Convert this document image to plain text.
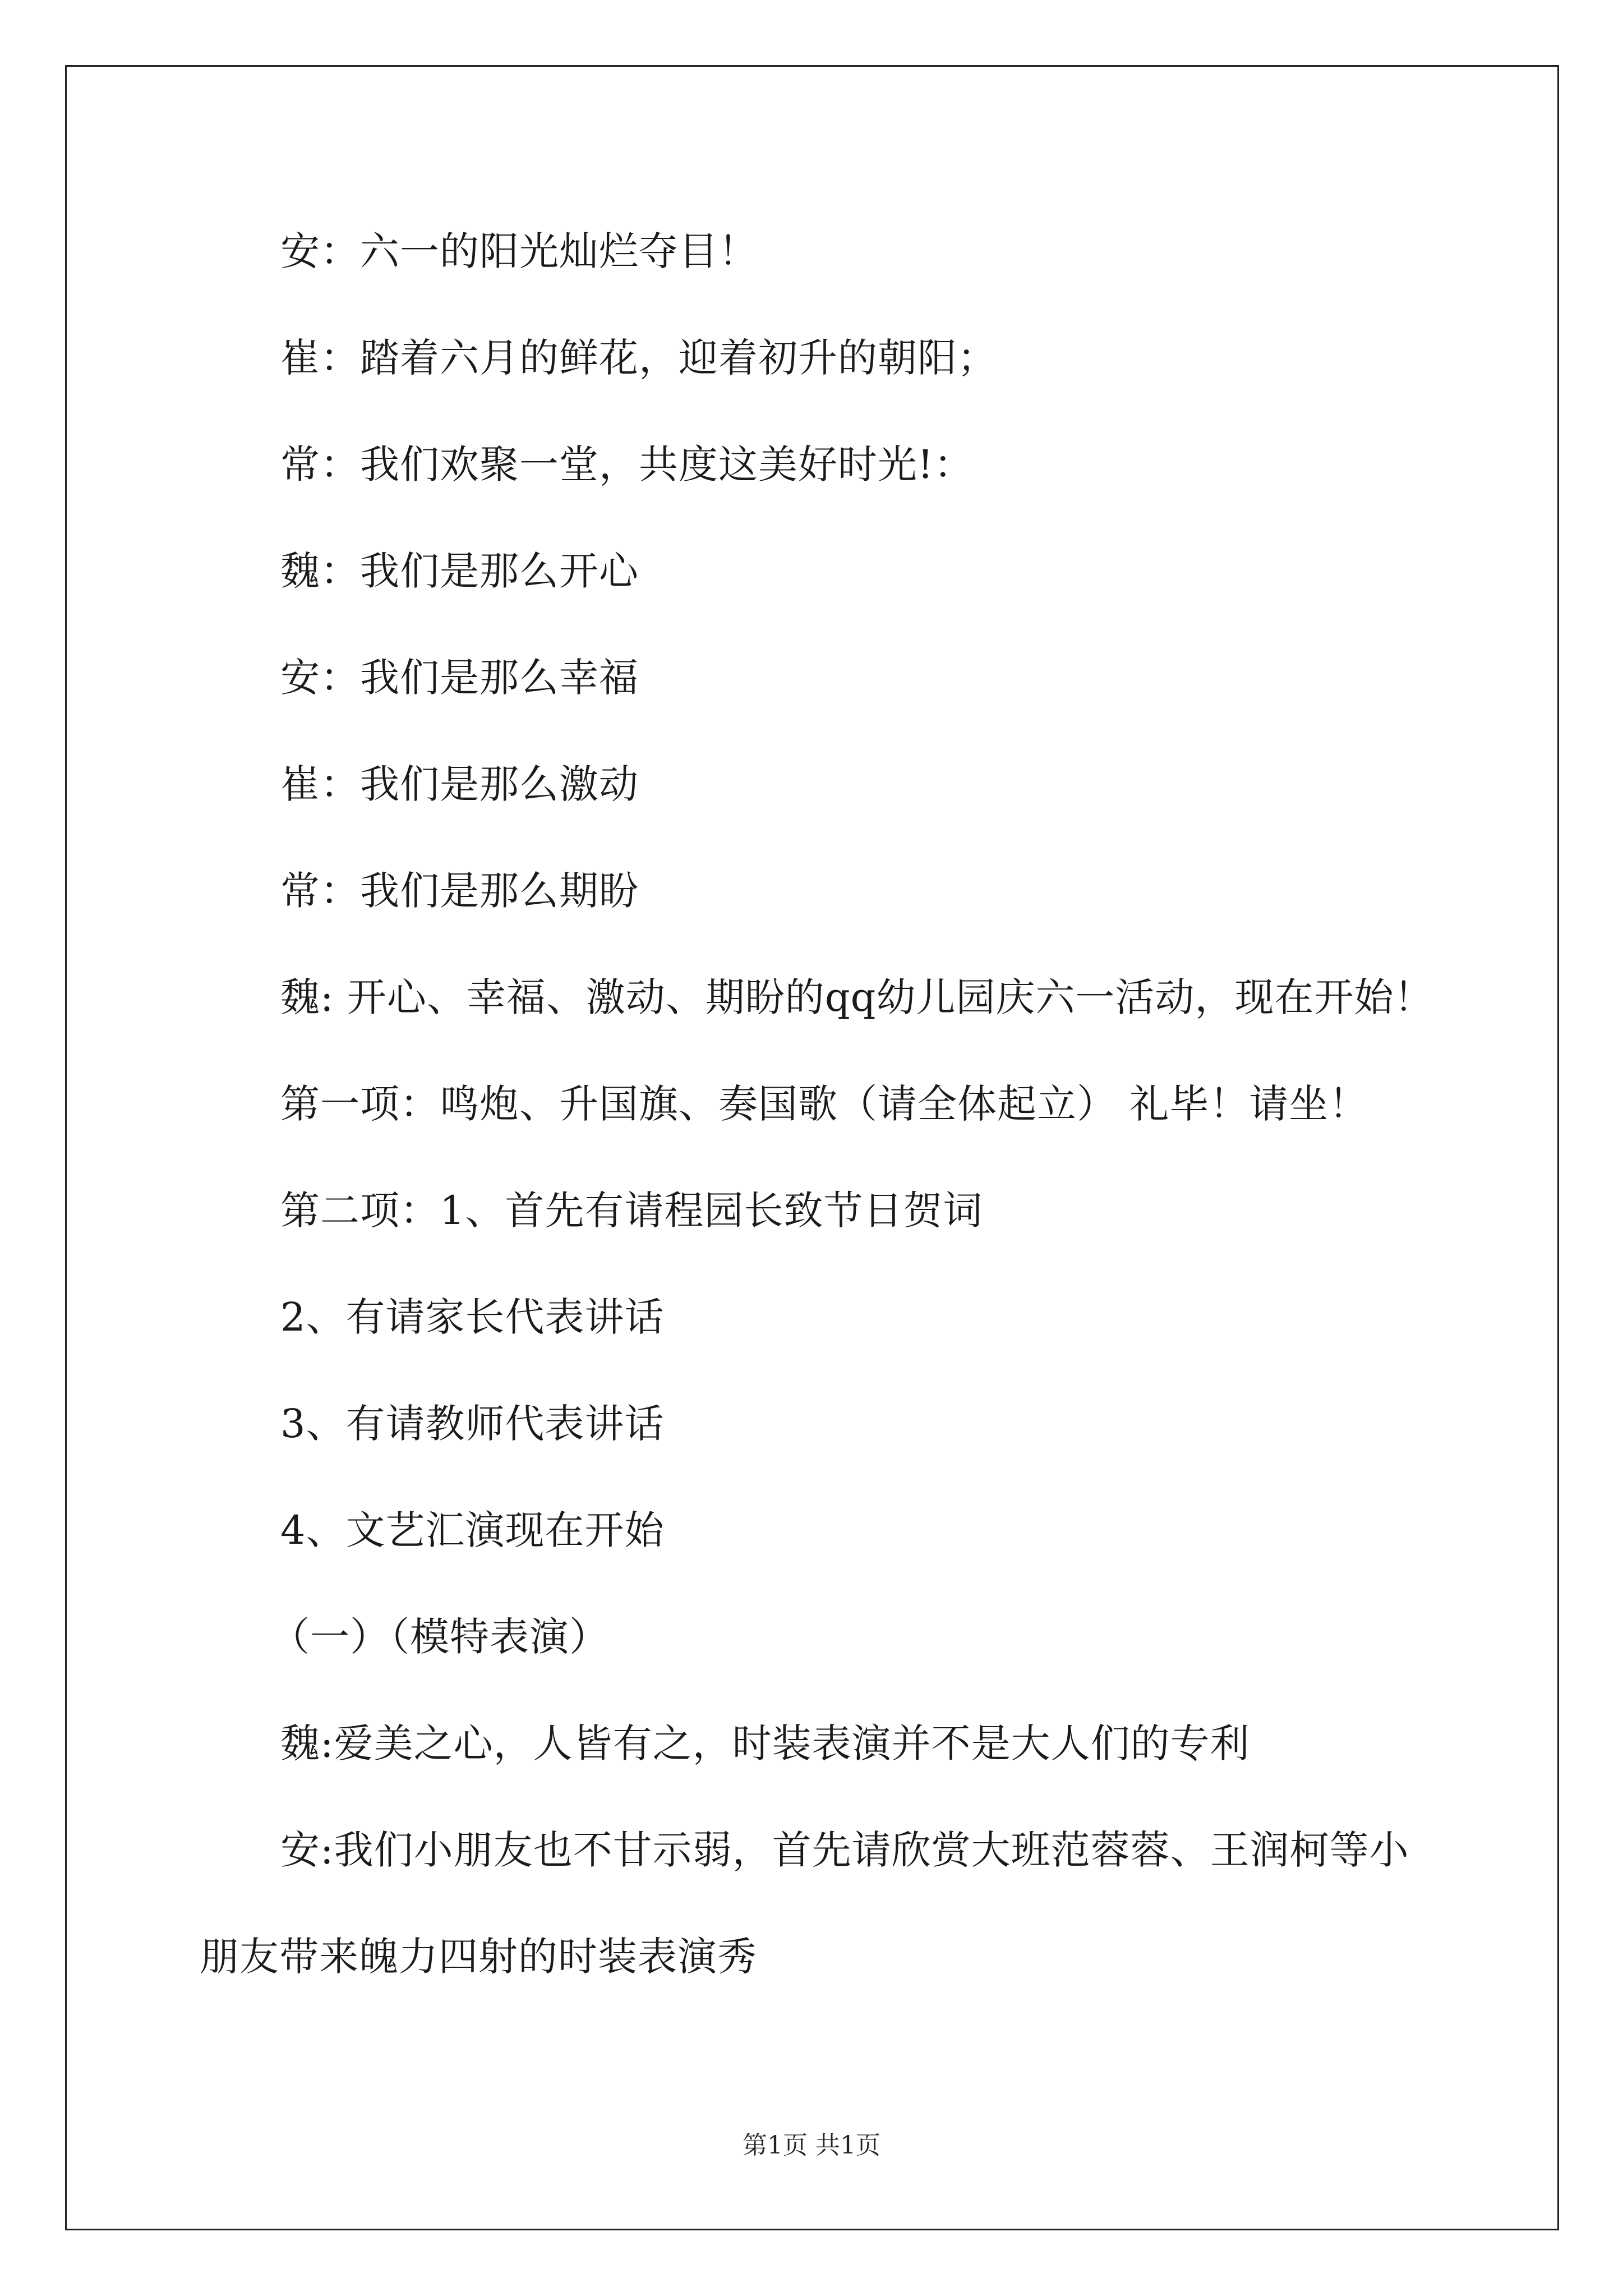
安：六一的阳光灿烂夺目！
崔：踏着六月的鲜花，迎着初升的朝阳；
常：我们欢聚一堂，共度这美好时光!：
魏：我们是那么开心
安：我们是那么幸福
崔：我们是那么激动
常：我们是那么期盼
魏: 开心、幸福、激动、期盼的qq幼儿园庆六一活动，现在开始！
第一项：鸣炮、升国旗、奏国歌（请全体起立） 礼毕！请坐！
第二项：1、首先有请程园长致节日贺词
2、有请家长代表讲话
3、有请教师代表讲话
4、文艺汇演现在开始
（一）（模特表演）
魏:爱美之心，人皆有之，时装表演并不是大人们的专利
安:我们小朋友也不甘示弱，首先请欣赏大班范蓉蓉、王润柯等小
朋友带来魄力四射的时装表演秀
第1页 共1页
